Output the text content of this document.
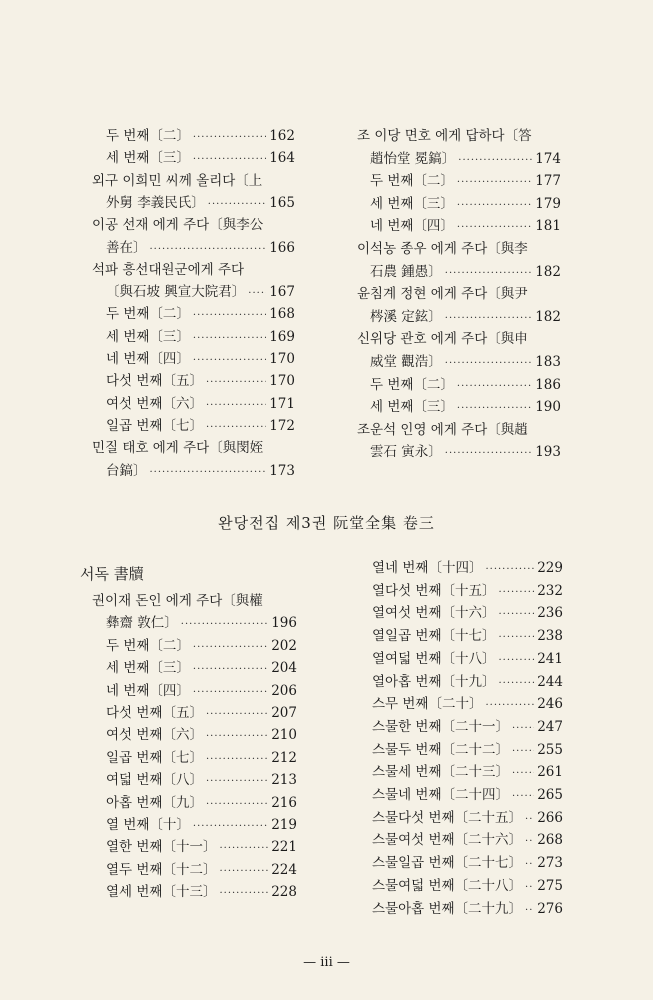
두 번째〔二〕 ·····	162
세 번째〔三〕 ·····	164
외구 이희민 씨께 올리다〔上
外舅 李義民氏〕 ·····	165
이공 선재 에게 주다〔與李公
善在〕 ·····	166
석파 흥선대원군에게 주다
〔與石坡 興宣大院君〕 ····· 167
두 번째〔二〕 ·····	168
세 번째〔三〕 ·····	169
네 번째〔四〕 ·····	170
다섯 번째〔五〕 ·····	170
여섯 번째〔六〕 ·····	171
일곱 번째〔七〕 ·····	172
민질 태호 에게 주다〔與閔姪
台鎬〕 ·····	173
조 이당 면호 에게 답하다〔答
趙怡堂 冕鎬〕 ·····	174
두 번째〔二〕 ·····	177
세 번째〔三〕 ·····	179
네 번째〔四〕 ·····	181
이석농 종우 에게 주다〔與李
石農 鍾愚〕 ·····	182
윤침계 정현 에게 주다〔與尹
梣溪 定鉉〕 ·····	182
신위당 관호 에게 주다〔與申
威堂 觀浩〕 ·····	183
두 번째〔二〕 ·····	186
세 번째〔三〕 ·····	190
조운석 인영 에게 주다〔與趙
雲石 寅永〕 ·····	193
완당전집 제3권 阮堂全集 卷三
서독 書牘
권이재 돈인 에게 주다〔與權
彝齋 敦仁〕 ·····	196
두 번째〔二〕 ·····	202
세 번째〔三〕 ·····	204
네 번째〔四〕 ·····	206
다섯 번째〔五〕 ·····	207
여섯 번째〔六〕 ·····	210
일곱 번째〔七〕 ·····	212
여덟 번째〔八〕 ·····	213
아홉 번째〔九〕 ·····	216
열 번째〔十〕 ·····	219
열한 번째〔十一〕 ·····	221
열두 번째〔十二〕 ·····	224
열세 번째〔十三〕 ·····	228
열네 번째〔十四〕 ·····	229
열다섯 번째〔十五〕 ·····	232
열여섯 번째〔十六〕 ·····	236
열일곱 번째〔十七〕 ·····	238
열여덟 번째〔十八〕 ·····	241
열아홉 번째〔十九〕 ·····	244
스무 번째〔二十〕 ·····	246
스물한 번째〔二十一〕 ····· 247
스물두 번째〔二十二〕 ····· 255
스물세 번째〔二十三〕 ····· 261
스물네 번째〔二十四〕 ····· 265
스물다섯 번째〔二十五〕 ····· 266
스물여섯 번째〔二十六〕 ····· 268
스물일곱 번째〔二十七〕 ····· 273
스물여덟 번째〔二十八〕 ····· 275
스물아홉 번째〔二十九〕 ····· 276
— iii —
